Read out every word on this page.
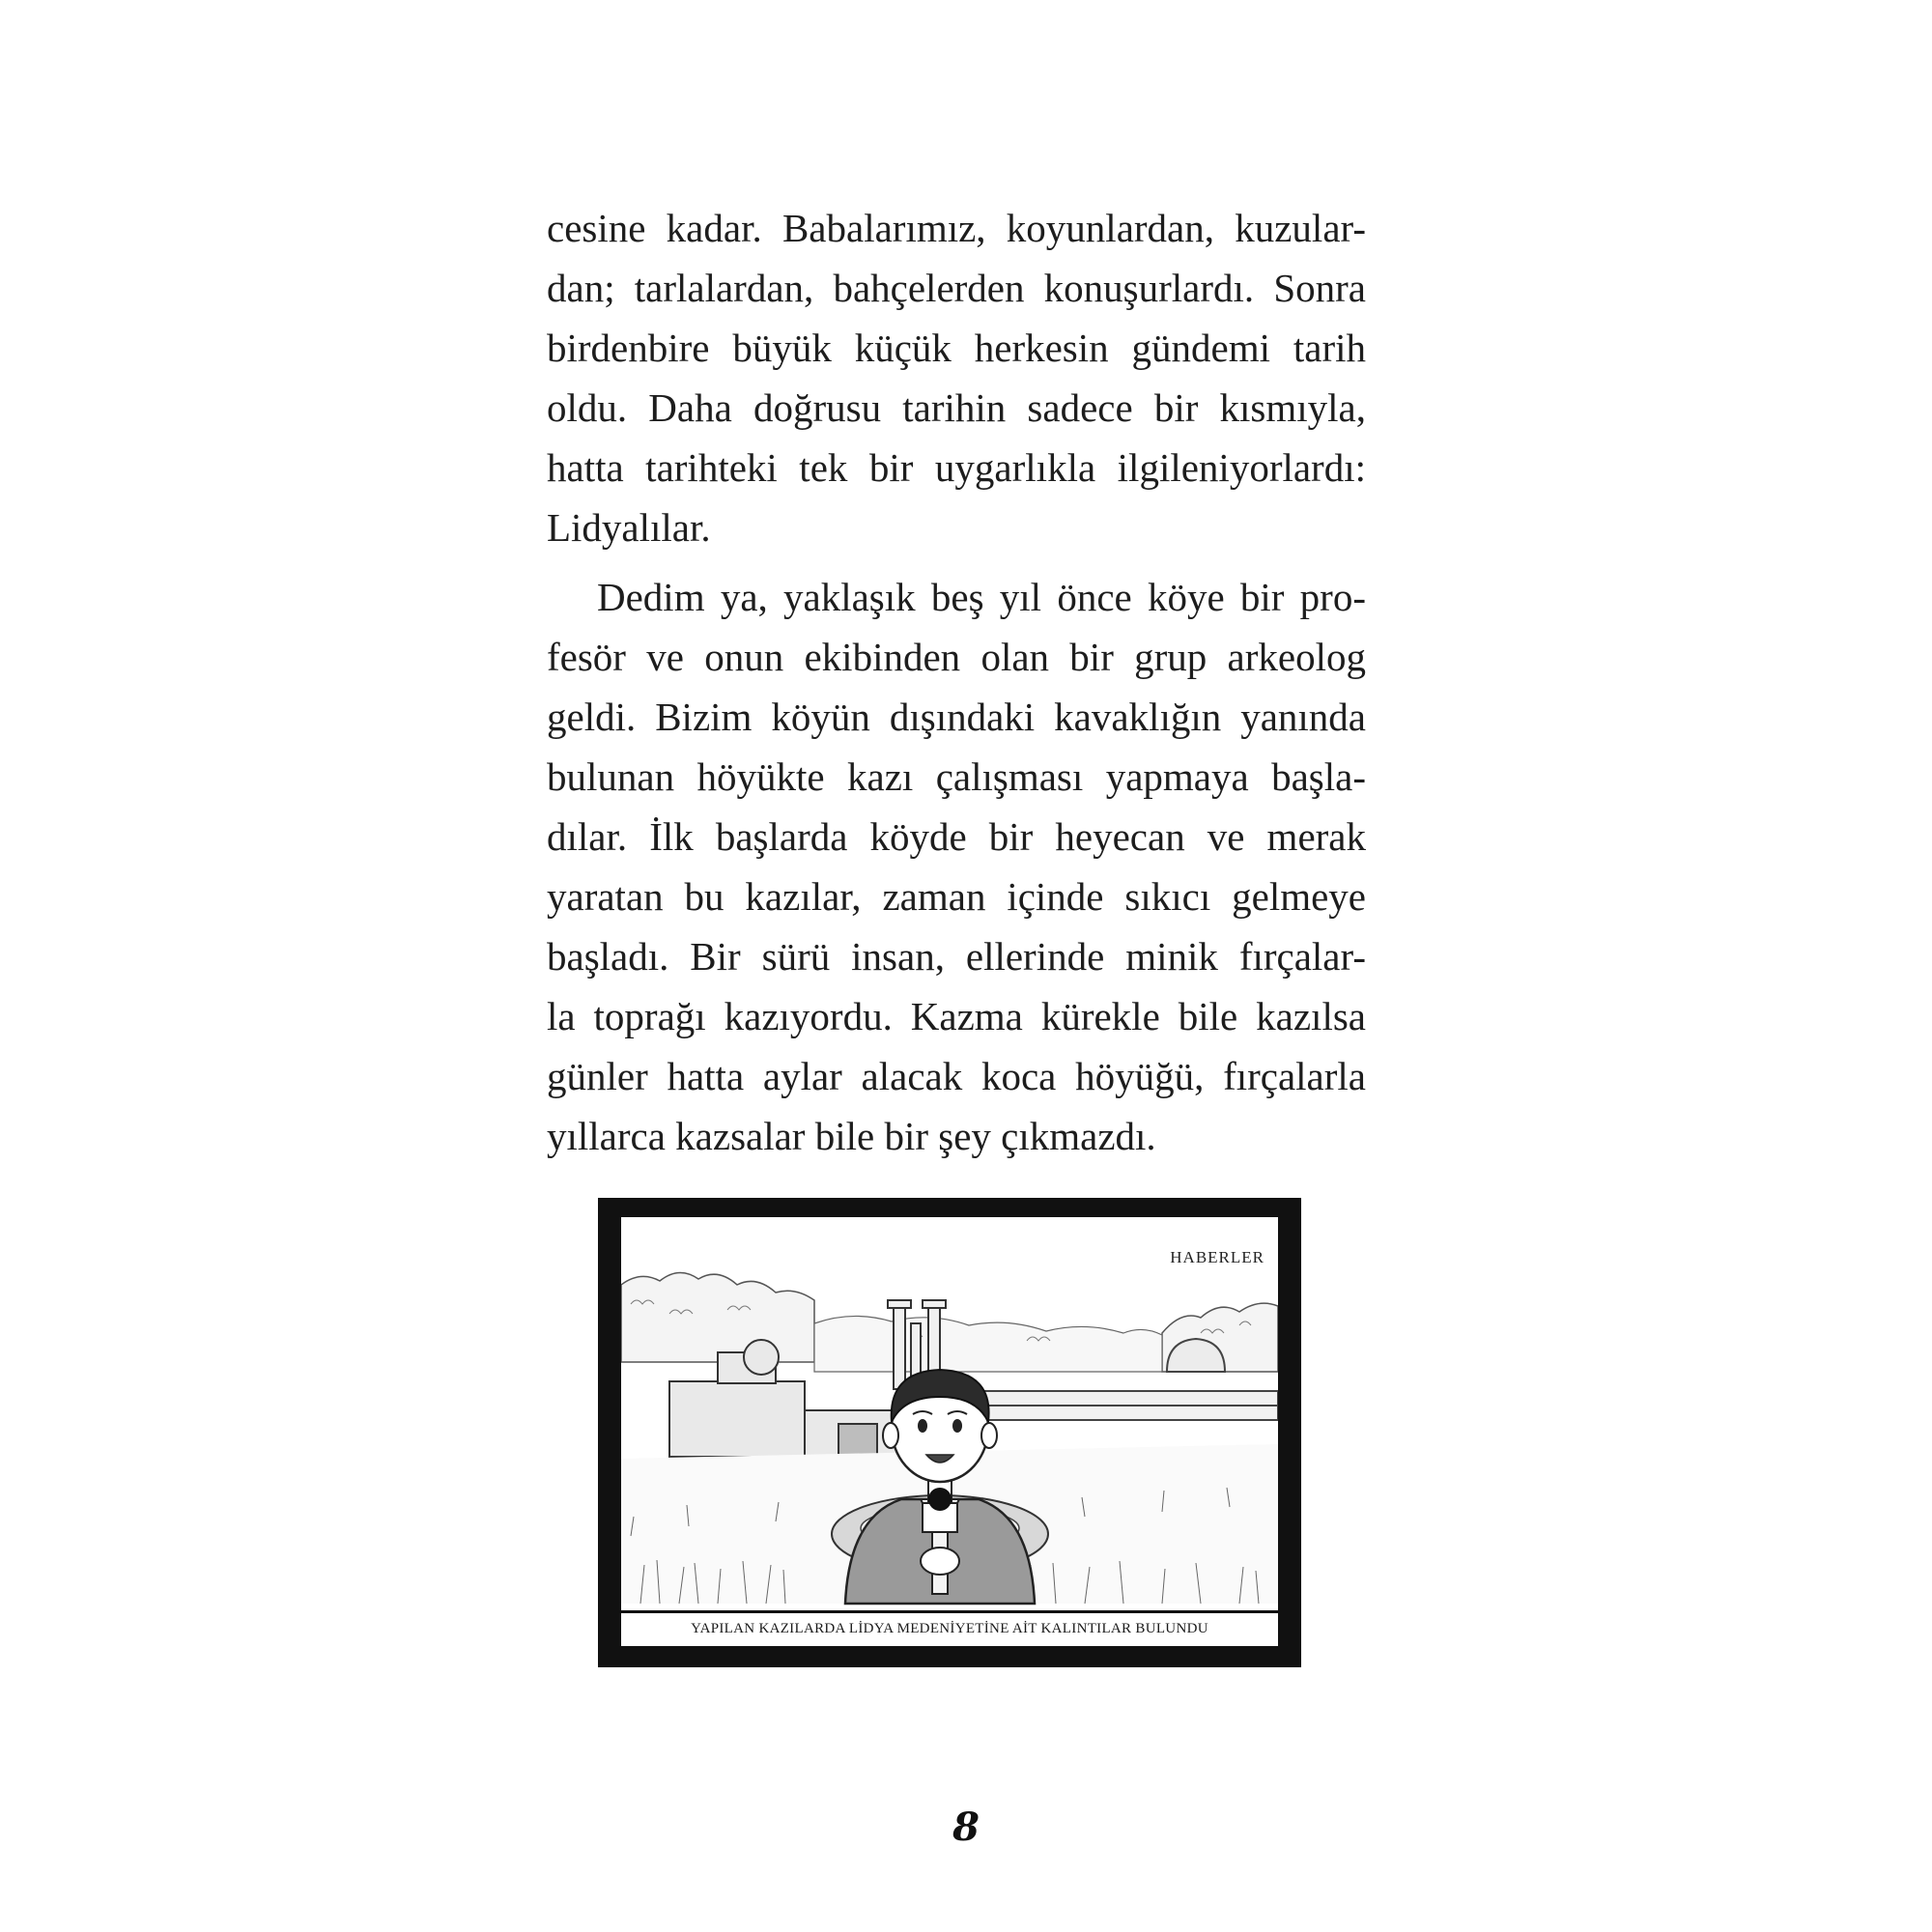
cesine kadar. Babalarımız, koyunlardan, kuzular-
dan; tarlalardan, bahçelerden konuşurlardı. Sonra
birdenbire büyük küçük herkesin gündemi tarih
oldu. Daha doğrusu tarihin sadece bir kısmıyla,
hatta tarihteki tek bir uygarlıkla ilgileniyorlardı:
Lidyalılar.
Dedim ya, yaklaşık beş yıl önce köye bir pro-
fesör ve onun ekibinden olan bir grup arkeolog
geldi. Bizim köyün dışındaki kavaklığın yanında
bulunan höyükte kazı çalışması yapmaya başla-
dılar. İlk başlarda köyde bir heyecan ve merak
yaratan bu kazılar, zaman içinde sıkıcı gelmeye
başladı. Bir sürü insan, ellerinde minik fırçalar-
la toprağı kazıyordu. Kazma kürekle bile kazılsa
günler hatta aylar alacak koca höyüğü, fırçalarla
yıllarca kazsalar bile bir şey çıkmazdı.
HABERLER
YAPILAN KAZILARDA LİDYA MEDENİYETİNE AİT KALINTILAR BULUNDU
8
